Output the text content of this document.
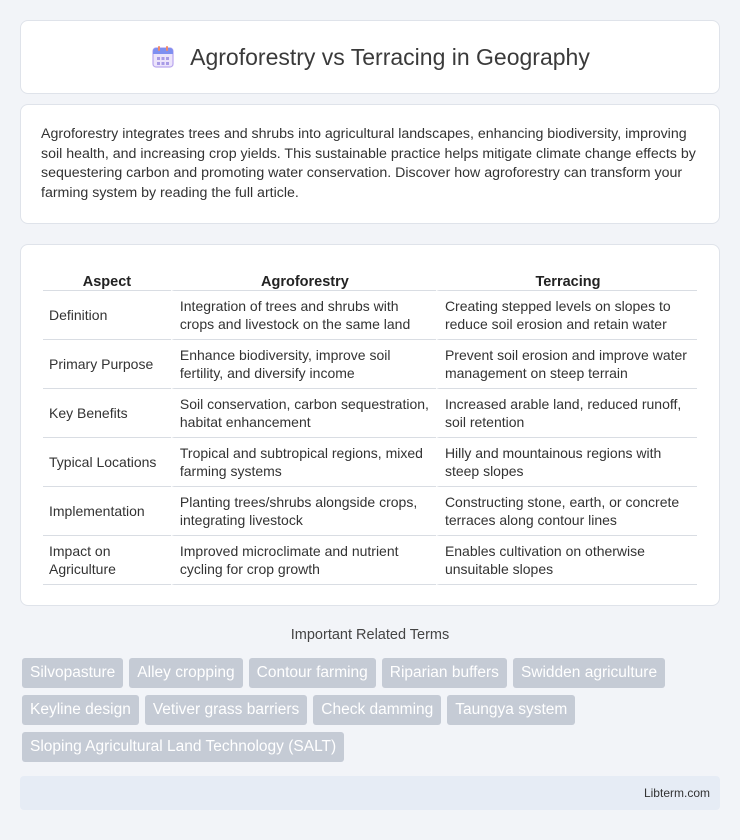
Agroforestry vs Terracing in Geography

Agroforestry integrates trees and shrubs into agricultural landscapes, enhancing biodiversity, improving soil health, and increasing crop yields. This sustainable practice helps mitigate climate change effects by sequestering carbon and promoting water conservation. Discover how agroforestry can transform your farming system by reading the full article.

Aspect	Agroforestry	Terracing
Definition	Integration of trees and shrubs with crops and livestock on the same land	Creating stepped levels on slopes to reduce soil erosion and retain water
Primary Purpose	Enhance biodiversity, improve soil fertility, and diversify income	Prevent soil erosion and improve water management on steep terrain
Key Benefits	Soil conservation, carbon sequestration, habitat enhancement	Increased arable land, reduced runoff, soil retention
Typical Locations	Tropical and subtropical regions, mixed farming systems	Hilly and mountainous regions with steep slopes
Implementation	Planting trees/shrubs alongside crops, integrating livestock	Constructing stone, earth, or concrete terraces along contour lines
Impact on Agriculture	Improved microclimate and nutrient cycling for crop growth	Enables cultivation on otherwise unsuitable slopes
Important Related Terms
Silvopasture	Alley cropping	Contour farming	Riparian buffers	Swidden agriculture
Keyline design	Vetiver grass barriers	Check damming	Taungya system
Sloping Agricultural Land Technology (SALT)
Libterm.com
